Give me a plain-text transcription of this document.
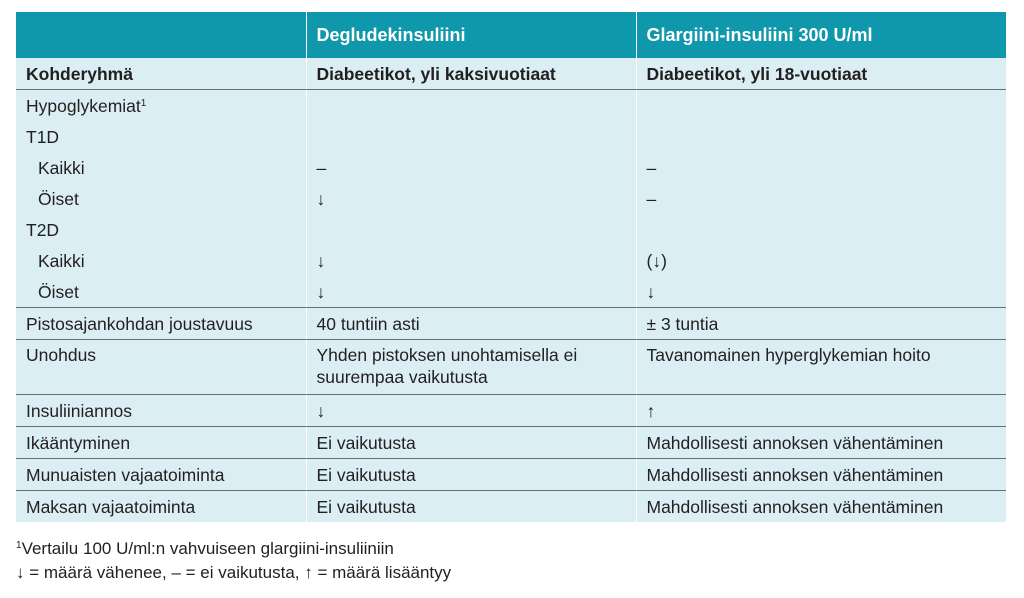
	Degludekinsuliini	Glargiini-insuliini 300 U/ml
Kohderyhmä	Diabeetikot, yli kaksivuotiaat	Diabeetikot, yli 18-vuotiaat
Hypoglykemiat$^1$		
T1D		
Kaikki	–	–
Öiset	↓	–
T2D		
Kaikki	↓	(↓)
Öiset	↓	↓
Pistosajankohdan joustavuus	40 tuntiin asti	± 3 tuntia
Unohdus	Yhden pistoksen unohtamisella ei suurempaa vaikutusta	Tavanomainen hyperglykemian hoito
Insuliiniannos	↓	↑
Ikääntyminen	Ei vaikutusta	Mahdollisesti annoksen vähentäminen
Munuaisten vajaatoiminta	Ei vaikutusta	Mahdollisesti annoksen vähentäminen
Maksan vajaatoiminta	Ei vaikutusta	Mahdollisesti annoksen vähentäminen
$^1$Vertailu 100 U/ml:n vahvuiseen glargiini-insuliiniin
↓ = määrä vähenee, – = ei vaikutusta, ↑ = määrä lisääntyy
